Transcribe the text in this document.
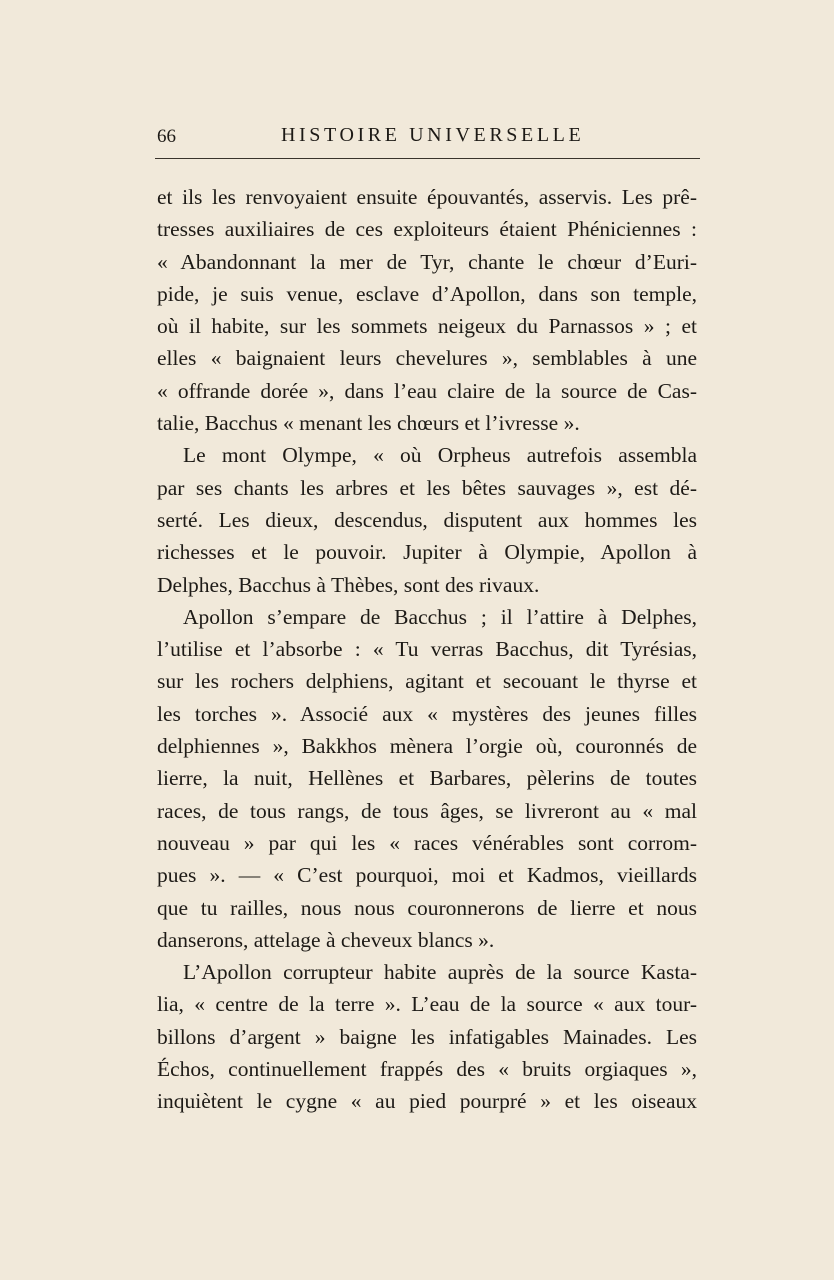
66	HISTOIRE UNIVERSELLE
et ils les renvoyaient ensuite épouvantés, asservis. Les prê-
tresses auxiliaires de ces exploiteurs étaient Phéniciennes :
« Abandonnant la mer de Tyr, chante le chœur d’Euri-
pide, je suis venue, esclave d’Apollon, dans son temple,
où il habite, sur les sommets neigeux du Parnassos » ; et
elles « baignaient leurs chevelures », semblables à une
« offrande dorée », dans l’eau claire de la source de Cas-
talie, Bacchus « menant les chœurs et l’ivresse ».
Le mont Olympe, « où Orpheus autrefois assembla
par ses chants les arbres et les bêtes sauvages », est dé-
serté. Les dieux, descendus, disputent aux hommes les
richesses et le pouvoir. Jupiter à Olympie, Apollon à
Delphes, Bacchus à Thèbes, sont des rivaux.
Apollon s’empare de Bacchus ; il l’attire à Delphes,
l’utilise et l’absorbe : « Tu verras Bacchus, dit Tyrésias,
sur les rochers delphiens, agitant et secouant le thyrse et
les torches ». Associé aux « mystères des jeunes filles
delphiennes », Bakkhos mènera l’orgie où, couronnés de
lierre, la nuit, Hellènes et Barbares, pèlerins de toutes
races, de tous rangs, de tous âges, se livreront au « mal
nouveau » par qui les « races vénérables sont corrom-
pues ». — « C’est pourquoi, moi et Kadmos, vieillards
que tu railles, nous nous couronnerons de lierre et nous
danserons, attelage à cheveux blancs ».
L’Apollon corrupteur habite auprès de la source Kasta-
lia, « centre de la terre ». L’eau de la source « aux tour-
billons d’argent » baigne les infatigables Mainades. Les
Échos, continuellement frappés des « bruits orgiaques »,
inquiètent le cygne « au pied pourpré » et les oiseaux
